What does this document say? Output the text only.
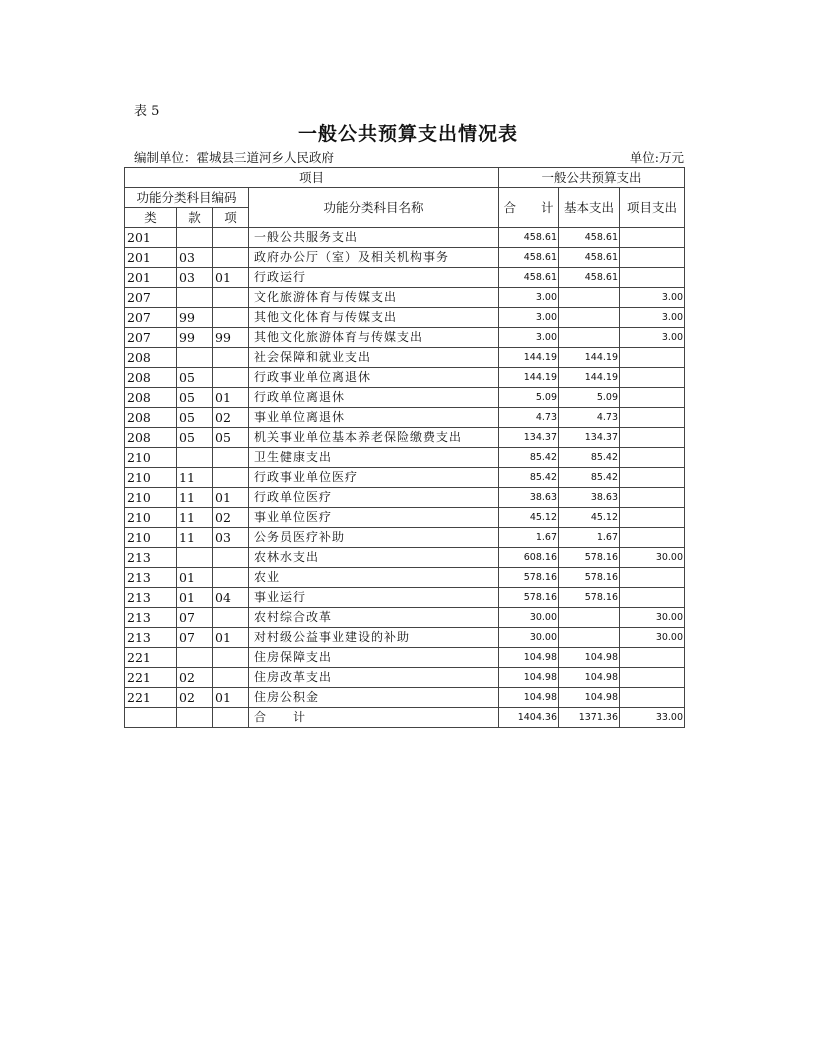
表 5
一般公共预算支出情况表
编制单位：霍城县三道河乡人民政府	单位:万元
项目				一般公共预算支出		
功能分类科目编码			功能分类科目名称	合　　计	基本支出	项目支出
类	款	项				
201			一般公共服务支出	458.61	458.61	
201	03		政府办公厅（室）及相关机构事务	458.61	458.61	
201	03	01	行政运行	458.61	458.61	
207			文化旅游体育与传媒支出	3.00		3.00
207	99		其他文化体育与传媒支出	3.00		3.00
207	99	99	其他文化旅游体育与传媒支出	3.00		3.00
208			社会保障和就业支出	144.19	144.19	
208	05		行政事业单位离退休	144.19	144.19	
208	05	01	行政单位离退休	5.09	5.09	
208	05	02	事业单位离退休	4.73	4.73	
208	05	05	机关事业单位基本养老保险缴费支出	134.37	134.37	
210			卫生健康支出	85.42	85.42	
210	11		行政事业单位医疗	85.42	85.42	
210	11	01	行政单位医疗	38.63	38.63	
210	11	02	事业单位医疗	45.12	45.12	
210	11	03	公务员医疗补助	1.67	1.67	
213			农林水支出	608.16	578.16	30.00
213	01		农业	578.16	578.16	
213	01	04	事业运行	578.16	578.16	
213	07		农村综合改革	30.00		30.00
213	07	01	对村级公益事业建设的补助	30.00		30.00
221			住房保障支出	104.98	104.98	
221	02		住房改革支出	104.98	104.98	
221	02	01	住房公积金	104.98	104.98	
			合　　计	1404.36	1371.36	33.00
